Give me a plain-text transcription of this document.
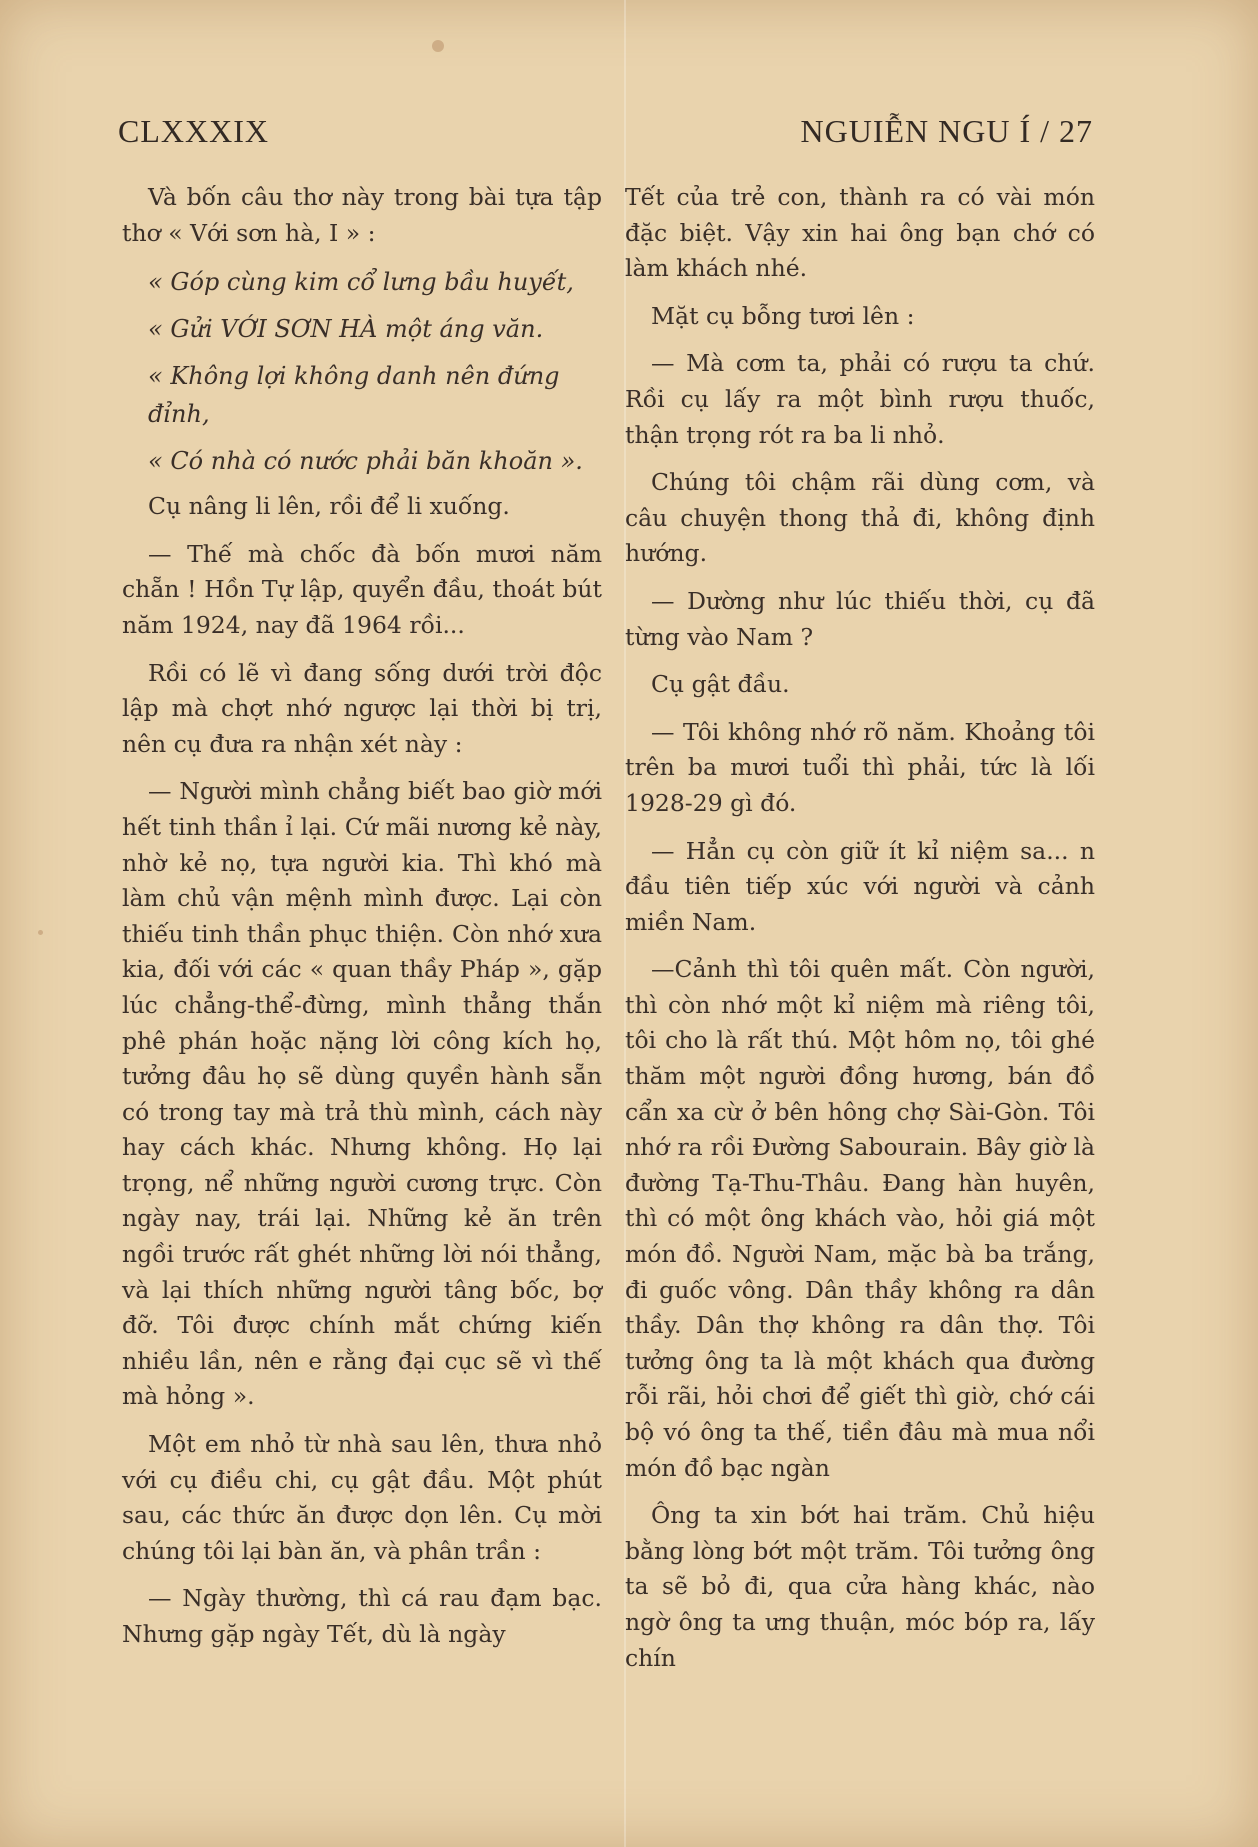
CLXXXIX	NGUIỄN NGU Í / 27

Và bốn câu thơ này trong bài tựa tập thơ « Với sơn hà, I » :

« Góp cùng kim cổ lưng bầu huyết,

« Gửi VỚI SƠN HÀ một áng văn.

« Không lợi không danh nên đứng đỉnh,

« Có nhà có nước phải băn khoăn ».

Cụ nâng li lên, rồi để li xuống.

— Thế mà chốc đà bốn mươi năm chẵn ! Hồn Tự lập, quyển đầu, thoát bút năm 1924, nay đã 1964 rồi...

Rồi có lẽ vì đang sống dưới trời độc lập mà chợt nhớ ngược lại thời bị trị, nên cụ đưa ra nhận xét này :

— Người mình chẳng biết bao giờ mới hết tinh thần ỉ lại. Cứ mãi nương kẻ này, nhờ kẻ nọ, tựa người kia. Thì khó mà làm chủ vận mệnh mình được. Lại còn thiếu tinh thần phục thiện. Còn nhớ xưa kia, đối với các « quan thầy Pháp », gặp lúc chẳng-thể-đừng, mình thẳng thắn phê phán hoặc nặng lời công kích họ, tưởng đâu họ sẽ dùng quyền hành sẵn có trong tay mà trả thù mình, cách này hay cách khác. Nhưng không. Họ lại trọng, nể những người cương trực. Còn ngày nay, trái lại. Những kẻ ăn trên ngồi trước rất ghét những lời nói thẳng, và lại thích những người tâng bốc, bợ đỡ. Tôi được chính mắt chứng kiến nhiều lần, nên e rằng đại cục sẽ vì thế mà hỏng ».

Một em nhỏ từ nhà sau lên, thưa nhỏ với cụ điều chi, cụ gật đầu. Một phút sau, các thức ăn được dọn lên. Cụ mời chúng tôi lại bàn ăn, và phân trần :

— Ngày thường, thì cá rau đạm bạc. Nhưng gặp ngày Tết, dù là ngày

Tết của trẻ con, thành ra có vài món đặc biệt. Vậy xin hai ông bạn chớ có làm khách nhé.

Mặt cụ bỗng tươi lên :

— Mà cơm ta, phải có rượu ta chứ. Rồi cụ lấy ra một bình rượu thuốc, thận trọng rót ra ba li nhỏ.

Chúng tôi chậm rãi dùng cơm, và câu chuyện thong thả đi, không định hướng.

— Dường như lúc thiếu thời, cụ đã từng vào Nam ?

Cụ gật đầu.

— Tôi không nhớ rõ năm. Khoảng tôi trên ba mươi tuổi thì phải, tức là lối 1928-29 gì đó.

— Hẳn cụ còn giữ ít kỉ niệm sa... n đầu tiên tiếp xúc với người và cảnh miền Nam.

—Cảnh thì tôi quên mất. Còn người, thì còn nhớ một kỉ niệm mà riêng tôi, tôi cho là rất thú. Một hôm nọ, tôi ghé thăm một người đồng hương, bán đồ cẩn xa cừ ở bên hông chợ Sài-Gòn. Tôi nhớ ra rồi Đường Sabourain. Bây giờ là đường Tạ-Thu-Thâu. Đang hàn huyên, thì có một ông khách vào, hỏi giá một món đồ. Người Nam, mặc bà ba trắng, đi guốc vông. Dân thầy không ra dân thầy. Dân thợ không ra dân thợ. Tôi tưởng ông ta là một khách qua đường rỗi rãi, hỏi chơi để giết thì giờ, chớ cái bộ vó ông ta thế, tiền đâu mà mua nổi món đồ bạc ngàn

Ông ta xin bớt hai trăm. Chủ hiệu bằng lòng bớt một trăm. Tôi tưởng ông ta sẽ bỏ đi, qua cửa hàng khác, nào ngờ ông ta ưng thuận, móc bóp ra, lấy chín
